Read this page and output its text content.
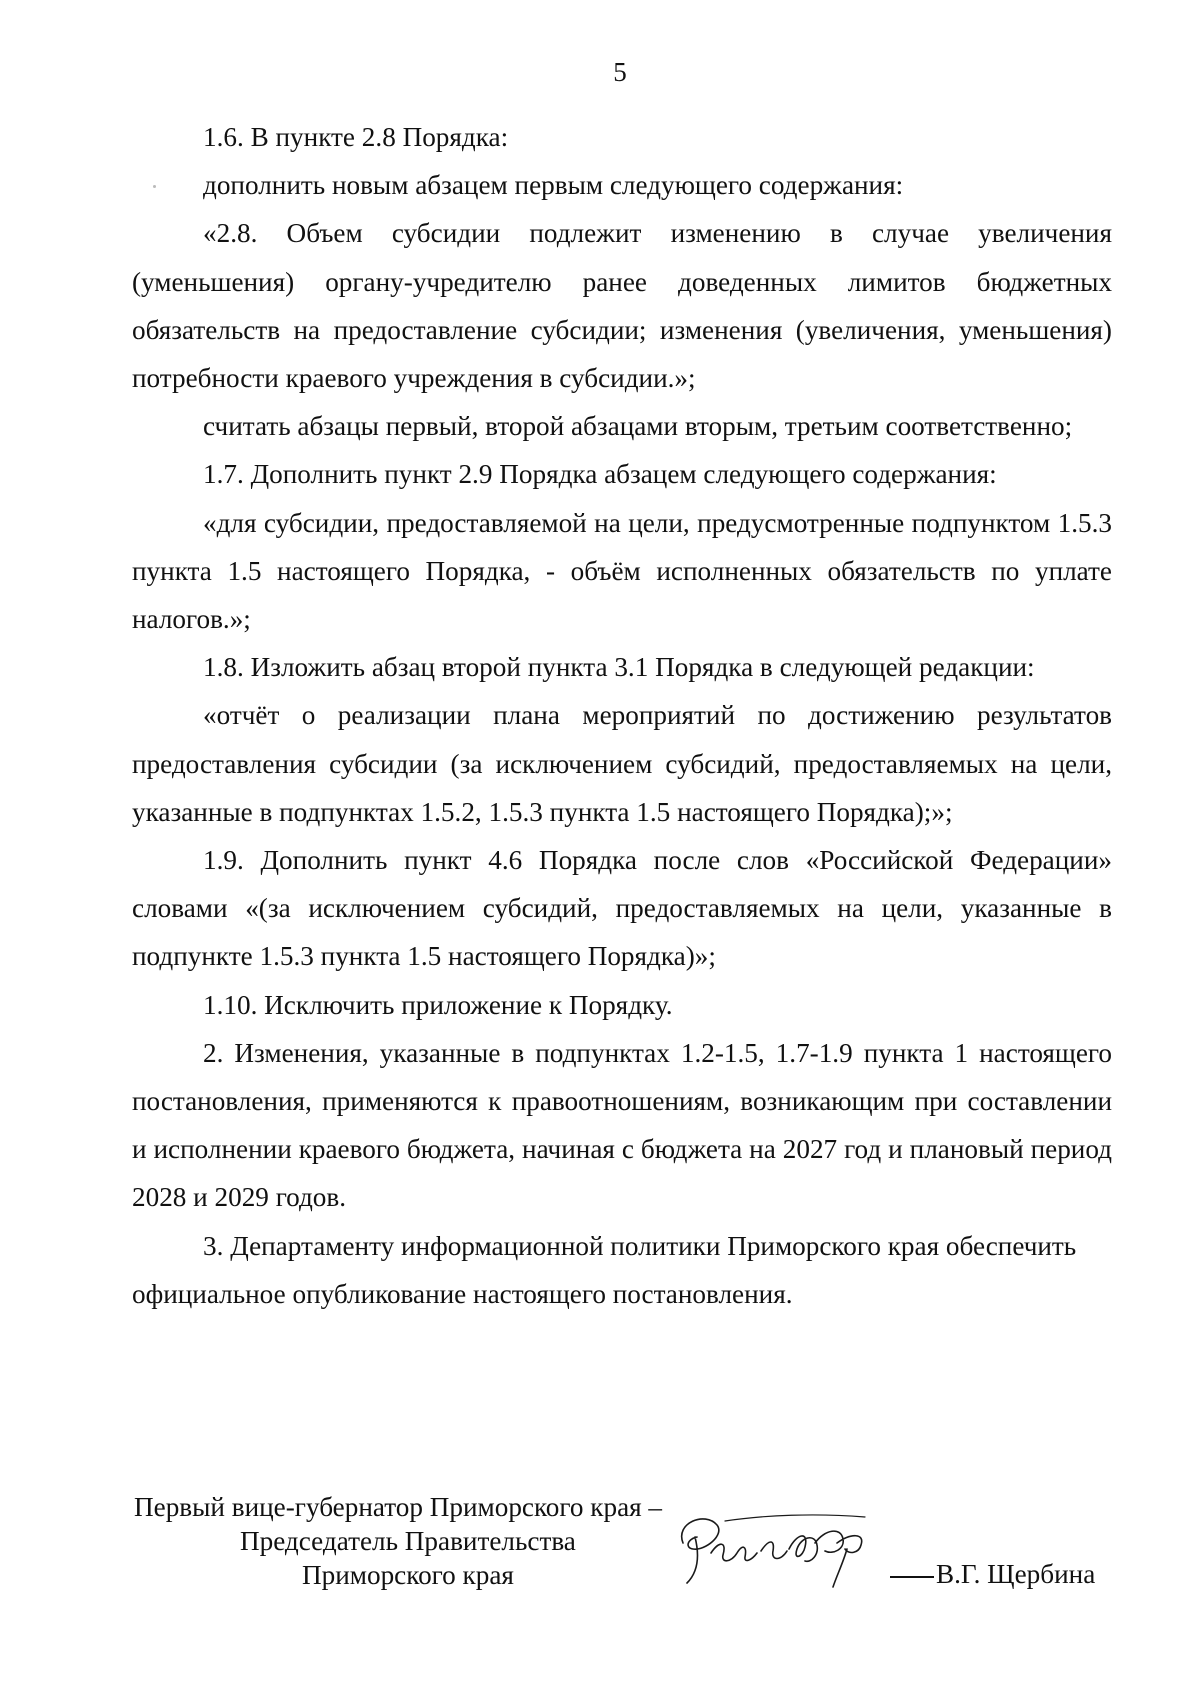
5

1.6. В пункте 2.8 Порядка:

дополнить новым абзацем первым следующего содержания:

«2.8. Объем субсидии подлежит изменению в случае увеличения (уменьшения) органу-учредителю ранее доведенных лимитов бюджетных обязательств на предоставление субсидии; изменения (увеличения, уменьшения) потребности краевого учреждения в субсидии.»;

считать абзацы первый, второй абзацами вторым, третьим соответственно;

1.7. Дополнить пункт 2.9 Порядка абзацем следующего содержания:

«для субсидии, предоставляемой на цели, предусмотренные подпунктом 1.5.3 пункта 1.5 настоящего Порядка, - объём исполненных обязательств по уплате налогов.»;

1.8. Изложить абзац второй пункта 3.1 Порядка в следующей редакции:

«отчёт о реализации плана мероприятий по достижению результатов предоставления субсидии (за исключением субсидий, предоставляемых на цели, указанные в подпунктах 1.5.2, 1.5.3 пункта 1.5 настоящего Порядка);»;

1.9. Дополнить пункт 4.6 Порядка после слов «Российской Федерации» словами «(за исключением субсидий, предоставляемых на цели, указанные в подпункте 1.5.3 пункта 1.5 настоящего Порядка)»;

1.10. Исключить приложение к Порядку.

2. Изменения, указанные в подпунктах 1.2-1.5, 1.7-1.9 пункта 1 настоящего постановления, применяются к правоотношениям, возникающим при составлении и исполнении краевого бюджета, начиная с бюджета на 2027 год и плановый период 2028 и 2029 годов.

3. Департаменту информационной политики Приморского края обеспечить официальное опубликование настоящего постановления.

Первый вице-губернатор Приморского края –
Председатель Правительства
Приморского края	В.Г. Щербина
